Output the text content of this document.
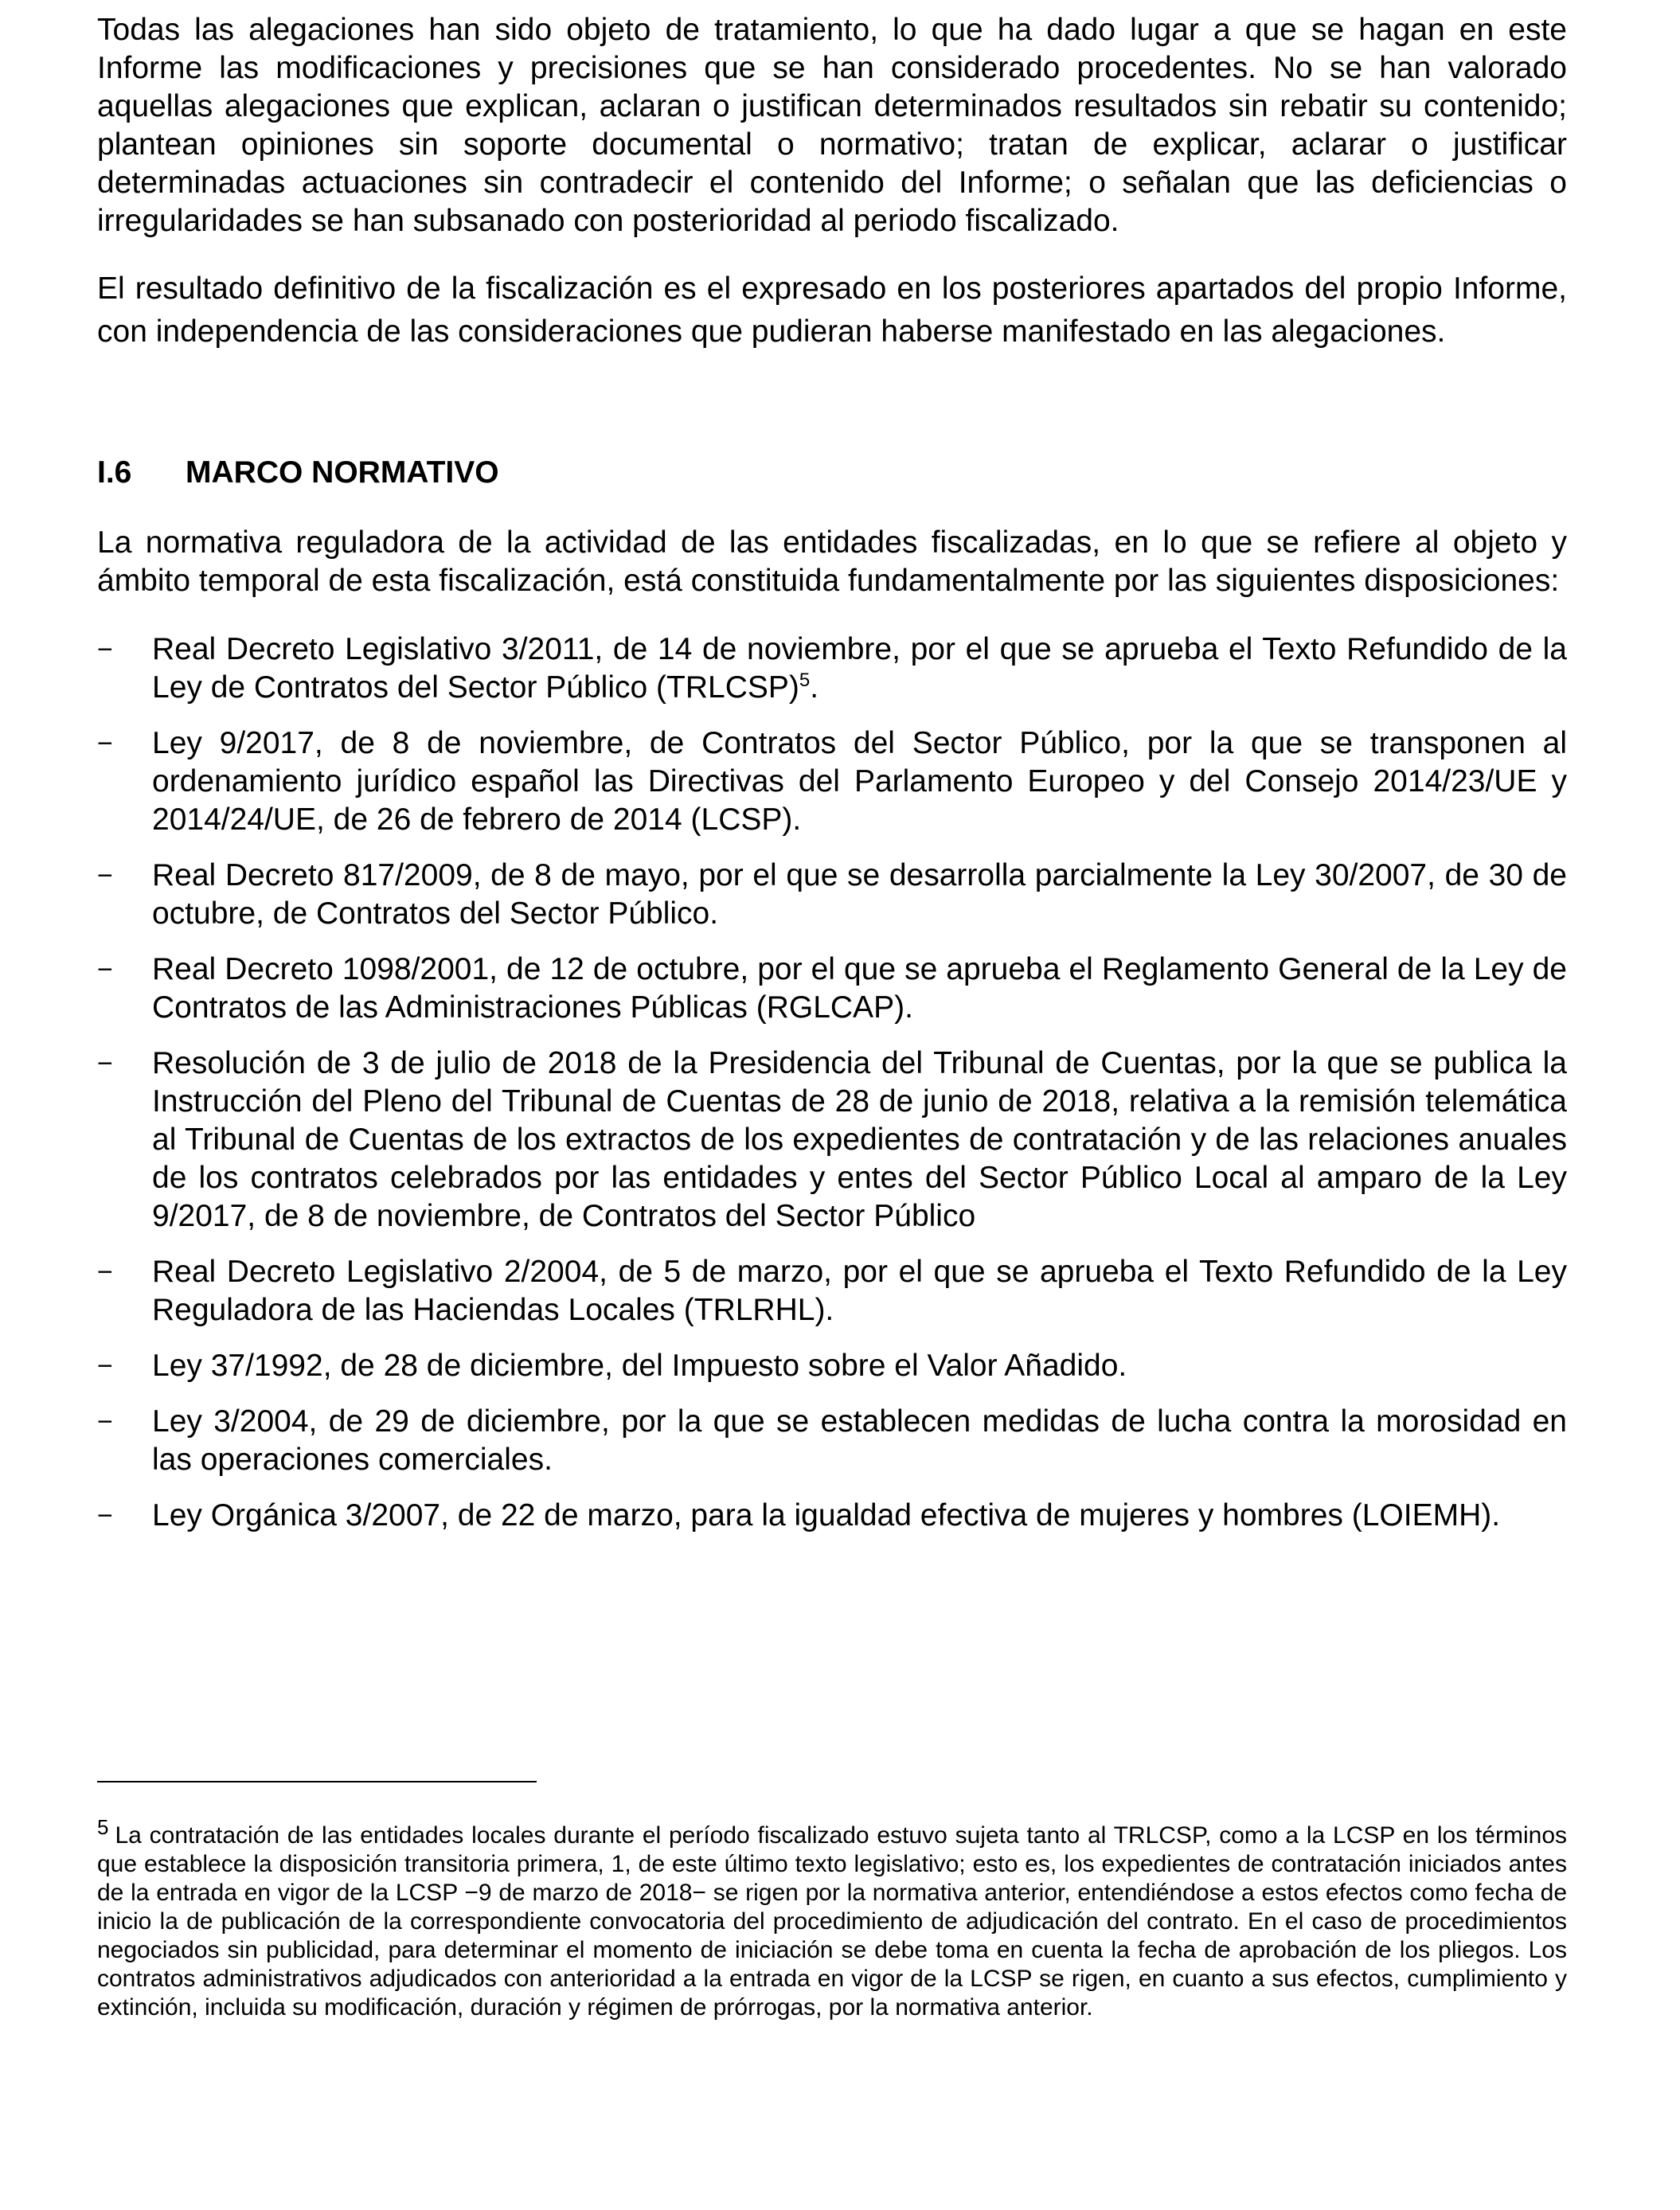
Todas las alegaciones han sido objeto de tratamiento, lo que ha dado lugar a que se hagan en este Informe las modificaciones y precisiones que se han considerado procedentes. No se han valorado aquellas alegaciones que explican, aclaran o justifican determinados resultados sin rebatir su contenido; plantean opiniones sin soporte documental o normativo; tratan de explicar, aclarar o justificar determinadas actuaciones sin contradecir el contenido del Informe; o señalan que las deficiencias o irregularidades se han subsanado con posterioridad al periodo fiscalizado.

El resultado definitivo de la fiscalización es el expresado en los posteriores apartados del propio Informe, con independencia de las consideraciones que pudieran haberse manifestado en las alegaciones.

I.6	MARCO NORMATIVO

La normativa reguladora de la actividad de las entidades fiscalizadas, en lo que se refiere al objeto y ámbito temporal de esta fiscalización, está constituida fundamentalmente por las siguientes disposiciones:

−	Real Decreto Legislativo 3/2011, de 14 de noviembre, por el que se aprueba el Texto Refundido de la Ley de Contratos del Sector Público (TRLCSP)$^5$.
−	Ley 9/2017, de 8 de noviembre, de Contratos del Sector Público, por la que se transponen al ordenamiento jurídico español las Directivas del Parlamento Europeo y del Consejo 2014/23/UE y 2014/24/UE, de 26 de febrero de 2014 (LCSP).
−	Real Decreto 817/2009, de 8 de mayo, por el que se desarrolla parcialmente la Ley 30/2007, de 30 de octubre, de Contratos del Sector Público.
−	Real Decreto 1098/2001, de 12 de octubre, por el que se aprueba el Reglamento General de la Ley de Contratos de las Administraciones Públicas (RGLCAP).
−	Resolución de 3 de julio de 2018 de la Presidencia del Tribunal de Cuentas, por la que se publica la Instrucción del Pleno del Tribunal de Cuentas de 28 de junio de 2018, relativa a la remisión telemática al Tribunal de Cuentas de los extractos de los expedientes de contratación y de las relaciones anuales de los contratos celebrados por las entidades y entes del Sector Público Local al amparo de la Ley 9/2017, de 8 de noviembre, de Contratos del Sector Público
−	Real Decreto Legislativo 2/2004, de 5 de marzo, por el que se aprueba el Texto Refundido de la Ley Reguladora de las Haciendas Locales (TRLRHL).
−	Ley 37/1992, de 28 de diciembre, del Impuesto sobre el Valor Añadido.
−	Ley 3/2004, de 29 de diciembre, por la que se establecen medidas de lucha contra la morosidad en las operaciones comerciales.
−	Ley Orgánica 3/2007, de 22 de marzo, para la igualdad efectiva de mujeres y hombres (LOIEMH).

5 La contratación de las entidades locales durante el período fiscalizado estuvo sujeta tanto al TRLCSP, como a la LCSP en los términos que establece la disposición transitoria primera, 1, de este último texto legislativo; esto es, los expedientes de contratación iniciados antes de la entrada en vigor de la LCSP −9 de marzo de 2018− se rigen por la normativa anterior, entendiéndose a estos efectos como fecha de inicio la de publicación de la correspondiente convocatoria del procedimiento de adjudicación del contrato. En el caso de procedimientos negociados sin publicidad, para determinar el momento de iniciación se debe toma en cuenta la fecha de aprobación de los pliegos. Los contratos administrativos adjudicados con anterioridad a la entrada en vigor de la LCSP se rigen, en cuanto a sus efectos, cumplimiento y extinción, incluida su modificación, duración y régimen de prórrogas, por la normativa anterior.
